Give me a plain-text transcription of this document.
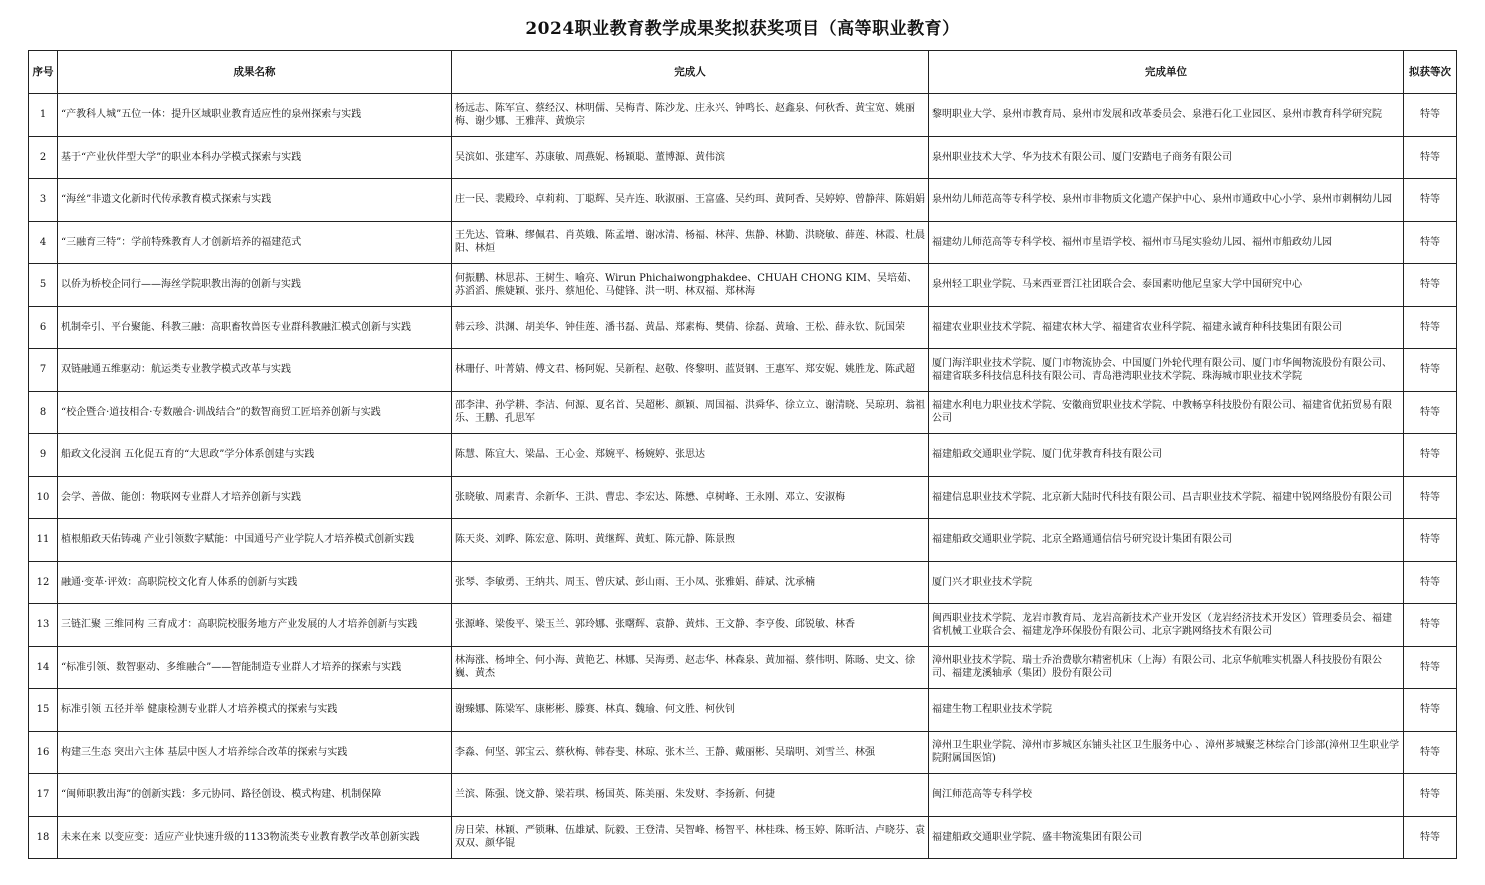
2024职业教育教学成果奖拟获奖项目（高等职业教育）
序号	成果名称	完成人	完成单位	拟获等次
1	“产教科人城”五位一体：提升区域职业教育适应性的泉州探索与实践	杨远志、陈军宣、蔡经汉、林明儒、吴梅青、陈沙龙、庄永兴、钟鸣长、赵鑫泉、何秋香、黄宝宽、姚丽梅、谢少娜、王雅萍、黄焕宗	黎明职业大学、泉州市教育局、泉州市发展和改革委员会、泉港石化工业园区、泉州市教育科学研究院	特等
2	基于“产业伙伴型大学”的职业本科办学模式探索与实践	吴滨如、张建军、苏康敏、周燕妮、杨颖聪、董博源、黄伟滨	泉州职业技术大学、华为技术有限公司、厦门安踏电子商务有限公司	特等
3	“海丝”非遗文化新时代传承教育模式探索与实践	庄一民、裴殿玲、卓莉莉、丁聪辉、吴卉连、耿淑丽、王富盛、吴约珥、黄阿香、吴婷婷、曾静萍、陈娟娟	泉州幼儿师范高等专科学校、泉州市非物质文化遗产保护中心、泉州市通政中心小学、泉州市刺桐幼儿园	特等
4	“三融育三特”：学前特殊教育人才创新培养的福建范式	王先达、管琳、缪佩君、肖英娥、陈孟增、谢冰清、杨福、林萍、焦静、林勤、洪晓敏、薛莲、林霞、杜晨阳、林烜	福建幼儿师范高等专科学校、福州市星语学校、福州市马尾实验幼儿园、福州市船政幼儿园	特等
5	以侨为桥校企同行——海丝学院职教出海的创新与实践	何振鹏、林思荪、王树生、喻亮、Wirun Phichaiwongphakdee、CHUAH CHONG KIM、吴培茹、苏滔滔、熊婕颖、张丹、蔡旭伦、马健锋、洪一明、林双福、郑林海	泉州轻工职业学院、马来西亚晋江社团联合会、泰国素叻他尼皇家大学中国研究中心	特等
6	机制牵引、平台聚能、科教三融：高职畜牧兽医专业群科教融汇模式创新与实践	韩云珍、洪渊、胡美华、钟佳莲、潘书磊、黄晶、郑素梅、樊倩、徐磊、黄瑜、王松、薛永钦、阮国荣	福建农业职业技术学院、福建农林大学、福建省农业科学院、福建永诚育种科技集团有限公司	特等
7	双链融通五维驱动：航运类专业教学模式改革与实践	林珊仔、叶菁婧、傅文君、杨阿妮、吴新程、赵敬、佟黎明、蓝贤钢、王惠军、郑安妮、姚胜龙、陈武超	厦门海洋职业技术学院、厦门市物流协会、中国厦门外轮代理有限公司、厦门市华闽物流股份有限公司、福建省联多科技信息科技有限公司、青岛港湾职业技术学院、珠海城市职业技术学院	特等
8	“校企暨合·道技相合·专数融合·训战结合”的数智商贸工匠培养创新与实践	邵李津、孙学耕、李洁、何源、夏名首、吴超彬、颜颖、周国福、洪舜华、徐立立、谢清晓、吴琼玥、翁祖乐、王鹏、孔思军	福建水利电力职业技术学院、安徽商贸职业技术学院、中教畅享科技股份有限公司、福建省优拓贸易有限公司	特等
9	船政文化浸润 五化促五育的“大思政”学分体系创建与实践	陈慧、陈宜大、梁晶、王心金、郑婉平、杨婉婷、张思达	福建船政交通职业学院、厦门优芽教育科技有限公司	特等
10	会学、善做、能创：物联网专业群人才培养创新与实践	张晓敏、周素青、余新华、王洪、曹忠、李宏达、陈懋、卓树峰、王永刚、邓立、安淑梅	福建信息职业技术学院、北京新大陆时代科技有限公司、昌吉职业技术学院、福建中锐网络股份有限公司	特等
11	植根船政天佑铸魂 产业引领数字赋能：中国通号产业学院人才培养模式创新实践	陈天炎、刘晔、陈宏意、陈明、黄继辉、黄虹、陈元静、陈景煦	福建船政交通职业学院、北京全路通通信信号研究设计集团有限公司	特等
12	融通·变革·评效：高职院校文化育人体系的创新与实践	张琴、李敏勇、王纳共、周玉、曾庆斌、彭山雨、王小凤、张雅娟、薛斌、沈承楠	厦门兴才职业技术学院	特等
13	三链汇聚 三维同构 三育成才：高职院校服务地方产业发展的人才培养创新与实践	张源峰、梁俊平、梁玉兰、郭玲娜、张曙辉、袁静、黄炜、王文静、李亨俊、邱锐敏、林香	闽西职业技术学院、龙岩市教育局、龙岩高新技术产业开发区（龙岩经济技术开发区）管理委员会、福建省机械工业联合会、福建龙净环保股份有限公司、北京字跳网络技术有限公司	特等
14	“标准引领、数智驱动、多维融合”——智能制造专业群人才培养的探索与实践	林海涨、杨坤全、何小海、黄艳艺、林娜、吴海勇、赵志华、林森泉、黄加福、蔡伟明、陈旸、史文、徐巍、黄杰	漳州职业技术学院、瑞士乔治费歇尔精密机床（上海）有限公司、北京华航唯实机器人科技股份有限公司、福建龙溪轴承（集团）股份有限公司	特等
15	标准引领 五径并举 健康检测专业群人才培养模式的探索与实践	谢臻娜、陈梁军、康彬彬、滕赛、林真、魏瑜、何文胜、柯伙钊	福建生物工程职业技术学院	特等
16	构建三生态 突出六主体 基层中医人才培养综合改革的探索与实践	李淼、何坚、郭宝云、蔡秋梅、韩春斐、林琼、张木兰、王静、戴丽彬、吴瑞明、刘雪兰、林强	漳州卫生职业学院、漳州市芗城区东铺头社区卫生服务中心 、漳州芗城聚芝林综合门诊部(漳州卫生职业学院附属国医馆)	特等
17	“闽师职教出海”的创新实践：多元协同、路径创设、模式构建、机制保障	兰滨、陈强、饶文静、梁若琪、杨国英、陈美丽、朱发财、李扬新、何捷	闽江师范高等专科学校	特等
18	未来在来 以变应变：适应产业快速升级的1133物流类专业教育教学改革创新实践	房日荣、林颖、严锁琳、伍雄斌、阮毅、王登清、吴智峰、杨智平、林桂珠、杨玉婷、陈昕洁、卢晓芬、袁双双、颜华锟	福建船政交通职业学院、盛丰物流集团有限公司	特等
